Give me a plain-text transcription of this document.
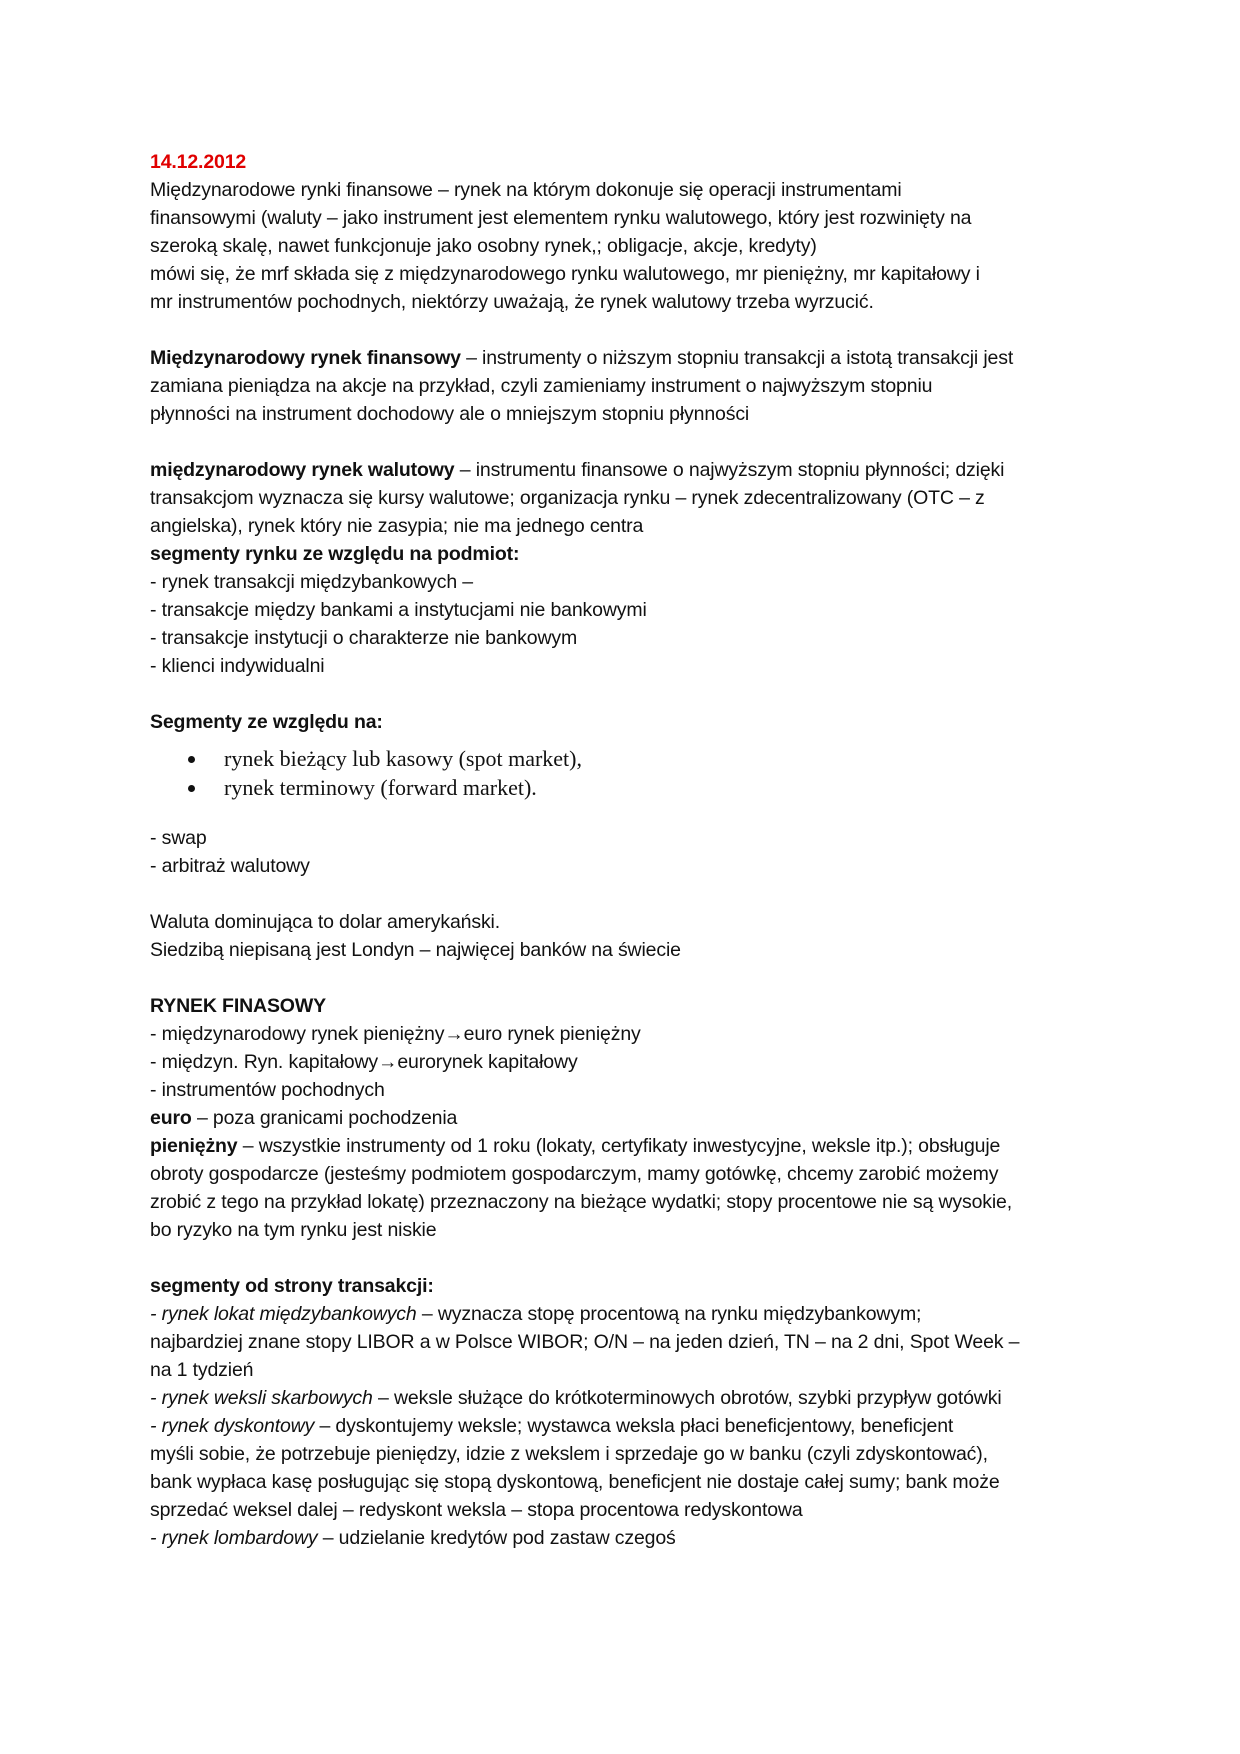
14.12.2012
Międzynarodowe rynki finansowe – rynek na którym dokonuje się operacji instrumentami
finansowymi (waluty – jako instrument jest elementem rynku walutowego, który jest rozwinięty na
szeroką skalę, nawet funkcjonuje jako osobny rynek,; obligacje, akcje, kredyty)
mówi się, że mrf składa się z międzynarodowego rynku walutowego, mr pieniężny, mr kapitałowy i
mr instrumentów pochodnych, niektórzy uważają, że rynek walutowy trzeba wyrzucić.
Międzynarodowy rynek finansowy – instrumenty o niższym stopniu transakcji a istotą transakcji jest
zamiana pieniądza na akcje na przykład, czyli zamieniamy instrument o najwyższym stopniu
płynności na instrument dochodowy ale o mniejszym stopniu płynności
międzynarodowy rynek walutowy – instrumentu finansowe o najwyższym stopniu płynności; dzięki
transakcjom wyznacza się kursy walutowe; organizacja rynku – rynek zdecentralizowany (OTC – z
angielska), rynek który nie zasypia; nie ma jednego centra
segmenty rynku ze względu na podmiot:
- rynek transakcji międzybankowych –
- transakcje między bankami a instytucjami nie bankowymi
- transakcje instytucji o charakterze nie bankowym
- klienci indywidualni
Segmenty ze względu na:
rynek bieżący lub kasowy (spot market),
rynek terminowy (forward market).
- swap
- arbitraż walutowy
Waluta dominująca to dolar amerykański.
Siedzibą niepisaną jest Londyn – najwięcej banków na świecie
RYNEK FINASOWY
- międzynarodowy rynek pieniężny→euro rynek pieniężny
- międzyn. Ryn. kapitałowy→eurorynek kapitałowy
- instrumentów pochodnych
euro – poza granicami pochodzenia
pieniężny – wszystkie instrumenty od 1 roku (lokaty, certyfikaty inwestycyjne, weksle itp.); obsługuje
obroty gospodarcze (jesteśmy podmiotem gospodarczym, mamy gotówkę, chcemy zarobić możemy
zrobić z tego na przykład lokatę) przeznaczony na bieżące wydatki; stopy procentowe nie są wysokie,
bo ryzyko na tym rynku jest niskie
segmenty od strony transakcji:
- rynek lokat międzybankowych – wyznacza stopę procentową na rynku międzybankowym;
najbardziej znane stopy LIBOR a w Polsce WIBOR; O/N – na jeden dzień, TN – na 2 dni, Spot Week –
na 1 tydzień
- rynek weksli skarbowych – weksle służące do krótkoterminowych obrotów, szybki przypływ gotówki
- rynek dyskontowy – dyskontujemy weksle; wystawca weksla płaci beneficjentowy, beneficjent
myśli sobie, że potrzebuje pieniędzy, idzie z wekslem i sprzedaje go w banku (czyli zdyskontować),
bank wypłaca kasę posługując się stopą dyskontową, beneficjent nie dostaje całej sumy; bank może
sprzedać weksel dalej – redyskont weksla – stopa procentowa redyskontowa
- rynek lombardowy – udzielanie kredytów pod zastaw czegoś
